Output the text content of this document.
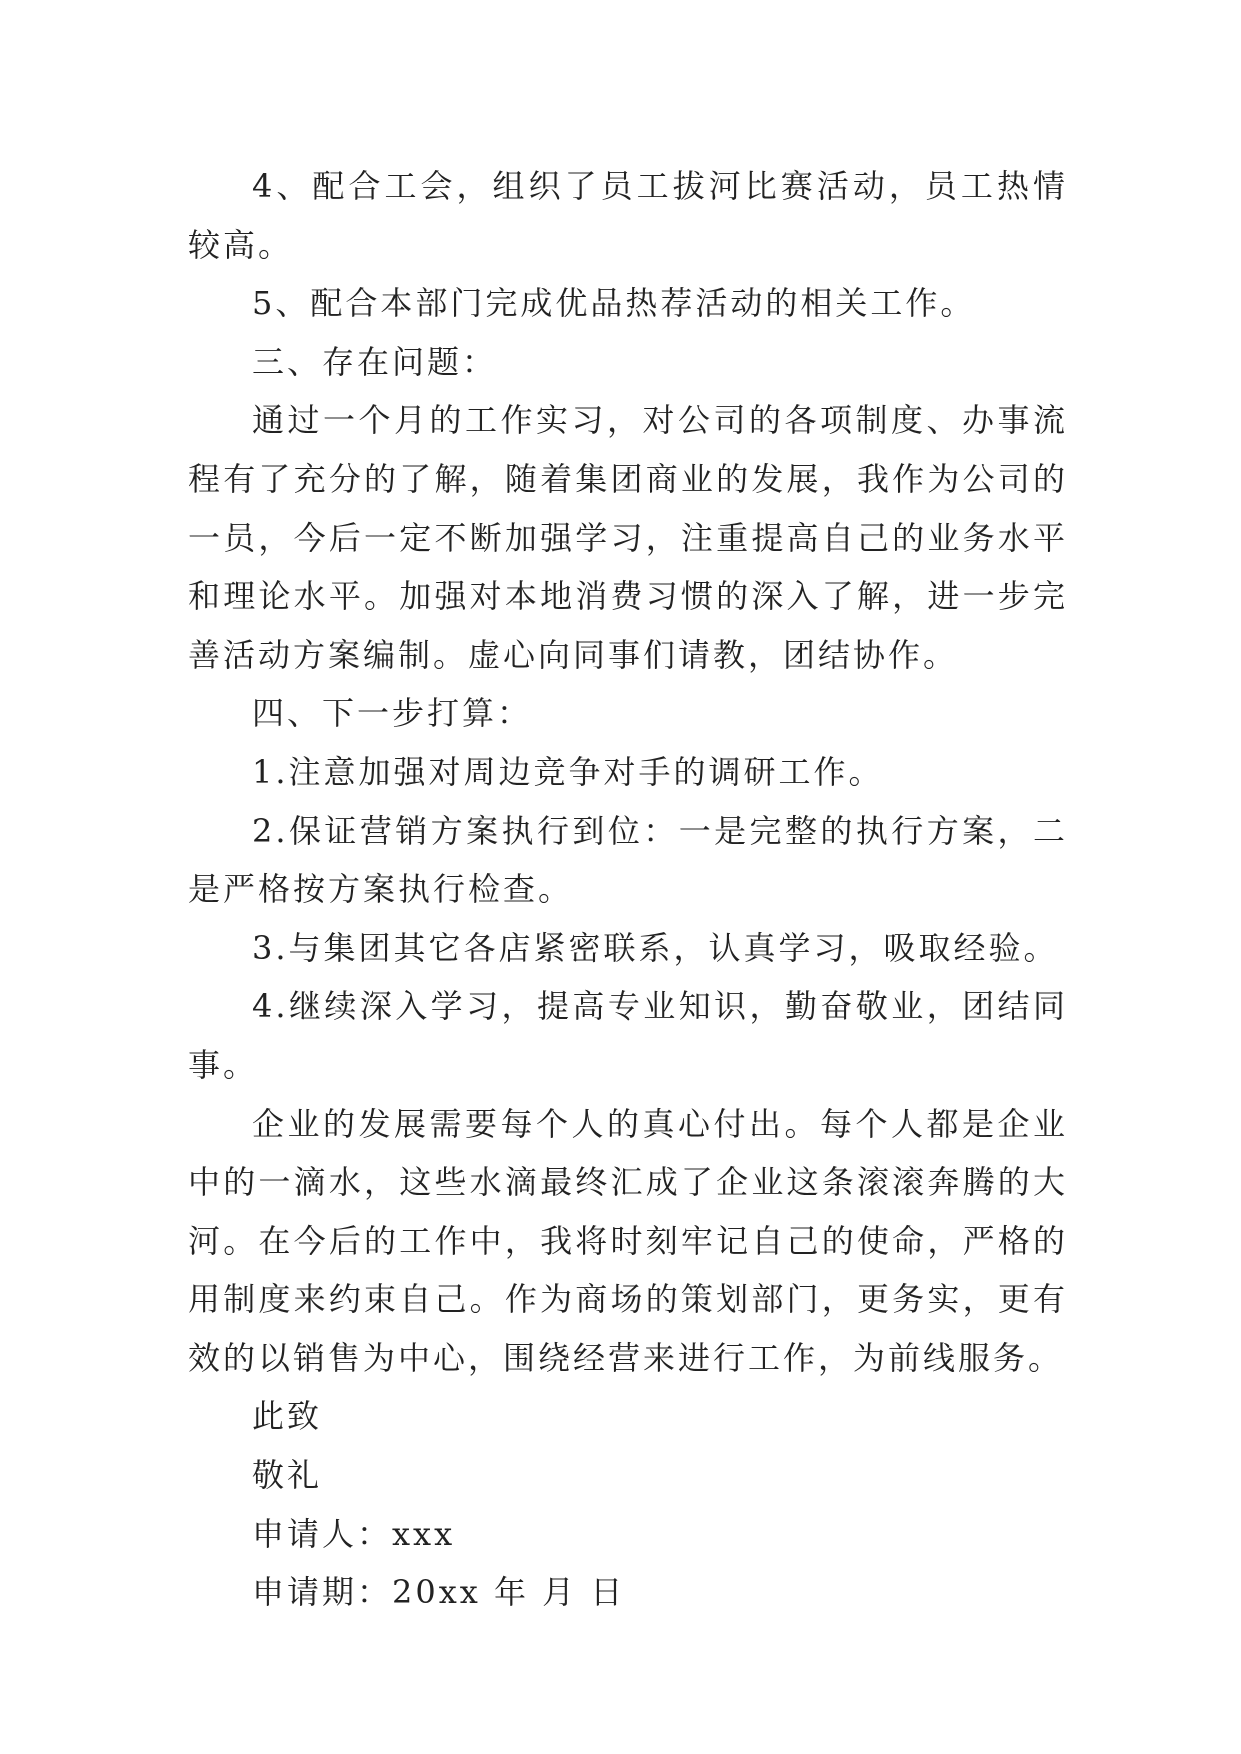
4、配合工会，组织了员工拔河比赛活动，员工热情较高。

5、配合本部门完成优品热荐活动的相关工作。

三、存在问题：

通过一个月的工作实习，对公司的各项制度、办事流程有了充分的了解，随着集团商业的发展，我作为公司的一员，今后一定不断加强学习，注重提高自己的业务水平和理论水平。加强对本地消费习惯的深入了解，进一步完善活动方案编制。虚心向同事们请教，团结协作。

四、下一步打算：

1.注意加强对周边竞争对手的调研工作。

2.保证营销方案执行到位：一是完整的执行方案，二是严格按方案执行检查。

3.与集团其它各店紧密联系，认真学习，吸取经验。

4.继续深入学习，提高专业知识，勤奋敬业，团结同事。

企业的发展需要每个人的真心付出。每个人都是企业中的一滴水，这些水滴最终汇成了企业这条滚滚奔腾的大河。在今后的工作中，我将时刻牢记自己的使命，严格的用制度来约束自己。作为商场的策划部门，更务实，更有效的以销售为中心，围绕经营来进行工作，为前线服务。

此致

敬礼

申请人：xxx

申请期：20xx 年 月 日
